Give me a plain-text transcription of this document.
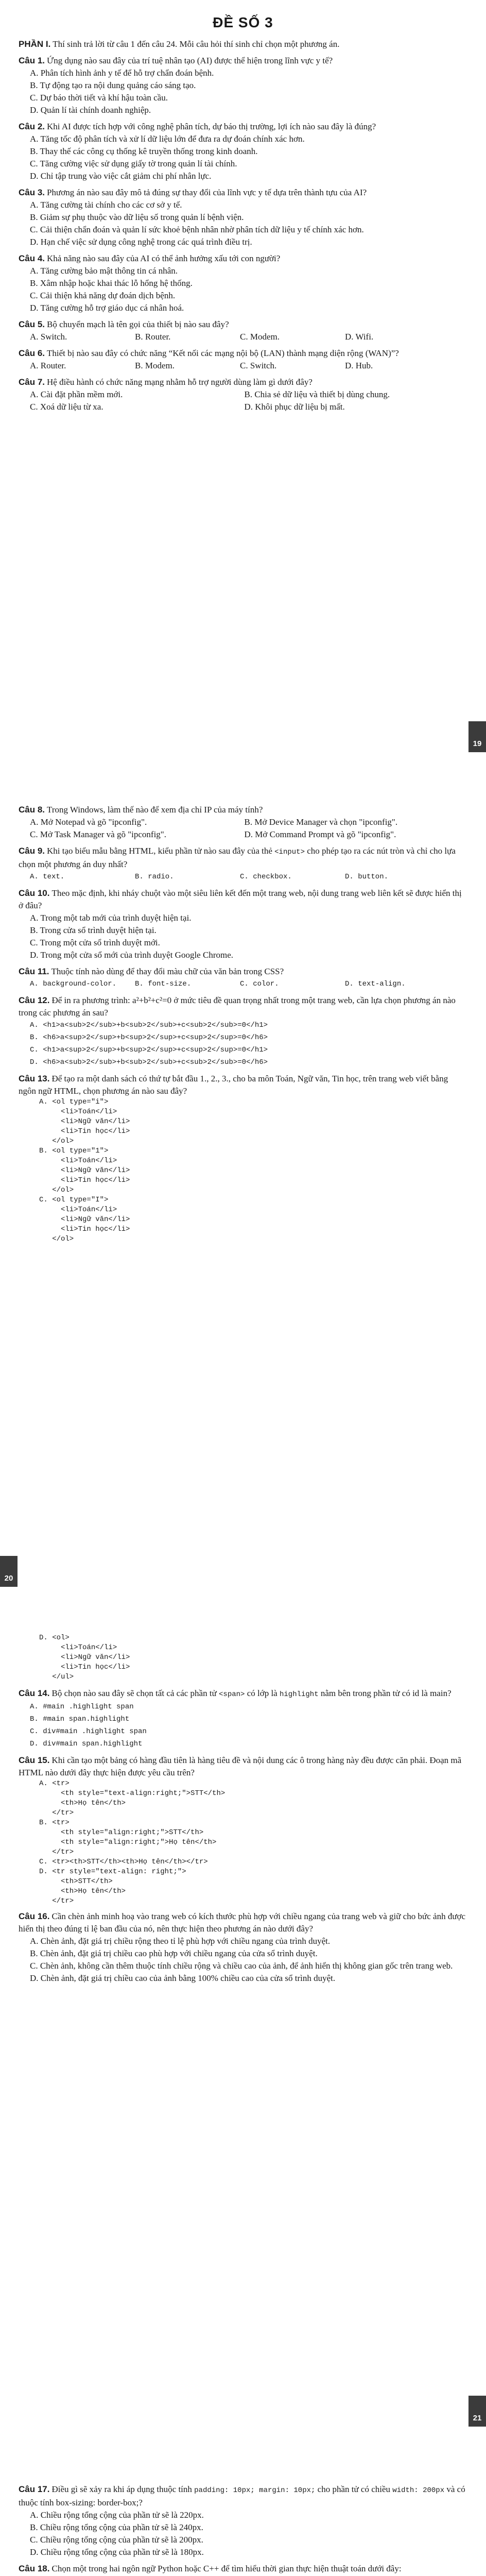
19
ĐỀ SỐ 3
PHẦN I. Thí sinh trả lời từ câu 1 đến câu 24. Mỗi câu hỏi thí sinh chỉ chọn một phương án.
Câu 1. Ứng dụng nào sau đây của trí tuệ nhân tạo (AI) được thể hiện trong lĩnh vực y tế?
A. Phân tích hình ảnh y tế để hỗ trợ chẩn đoán bệnh.
B. Tự động tạo ra nội dung quảng cáo sáng tạo.
C. Dự báo thời tiết và khí hậu toàn cầu.
D. Quản lí tài chính doanh nghiệp.
Câu 2. Khi AI được tích hợp với công nghệ phân tích, dự báo thị trường, lợi ích nào sau đây là đúng?
A. Tăng tốc độ phân tích và xử lí dữ liệu lớn để đưa ra dự đoán chính xác hơn.
B. Thay thế các công cụ thống kê truyền thống trong kinh doanh.
C. Tăng cường việc sử dụng giấy tờ trong quản lí tài chính.
D. Chỉ tập trung vào việc cắt giảm chi phí nhân lực.
Câu 3. Phương án nào sau đây mô tả đúng sự thay đổi của lĩnh vực y tế dựa trên thành tựu của AI?
A. Tăng cường tài chính cho các cơ sở y tế.
B. Giảm sự phụ thuộc vào dữ liệu số trong quản lí bệnh viện.
C. Cải thiện chẩn đoán và quản lí sức khoẻ bệnh nhân nhờ phân tích dữ liệu y tế chính xác hơn.
D. Hạn chế việc sử dụng công nghệ trong các quá trình điều trị.
Câu 4. Khả năng nào sau đây của AI có thể ảnh hưởng xấu tới con người?
A. Tăng cường bảo mật thông tin cá nhân.
B. Xâm nhập hoặc khai thác lỗ hổng hệ thống.
C. Cải thiện khả năng dự đoán dịch bệnh.
D. Tăng cường hỗ trợ giáo dục cá nhân hoá.
Câu 5. Bộ chuyển mạch là tên gọi của thiết bị nào sau đây?
A. Switch.	B. Router.	C. Modem.	D. Wifi.
Câu 6. Thiết bị nào sau đây có chức năng “Kết nối các mạng nội bộ (LAN) thành mạng diện rộng (WAN)”?
A. Router.	B. Modem.	C. Switch.	D. Hub.
Câu 7. Hệ điều hành có chức năng mạng nhằm hỗ trợ người dùng làm gì dưới đây?
A. Cài đặt phần mềm mới.	B. Chia sẻ dữ liệu và thiết bị dùng chung.C. Xoá dữ liệu từ xa.	D. Khôi phục dữ liệu bị mất.
20
Câu 8. Trong Windows, làm thế nào để xem địa chỉ IP của máy tính?
A. Mở Notepad và gõ "ipconfig".	B. Mở Device Manager và chọn "ipconfig".C. Mở Task Manager và gõ "ipconfig".	D. Mở Command Prompt và gõ "ipconfig".
Câu 9. Khi tạo biểu mẫu bằng HTML, kiểu phần tử nào sau đây của thẻ <input> cho phép tạo ra các nút tròn và chỉ cho lựa chọn một phương án duy nhất?
A. text.	B. radio.	C. checkbox.	D. button.
Câu 10. Theo mặc định, khi nháy chuột vào một siêu liên kết đến một trang web, nội dung trang web liên kết sẽ được hiển thị ở đâu?
A. Trong một tab mới của trình duyệt hiện tại.
B. Trong cửa sổ trình duyệt hiện tại.
C. Trong một cửa sổ trình duyệt mới.
D. Trong một cửa sổ mới của trình duyệt Google Chrome.
Câu 11. Thuộc tính nào dùng để thay đổi màu chữ của văn bản trong CSS?
A. background-color.	B. font-size.	C. color.	D. text-align.
Câu 12. Để in ra phương trình: a²+b²+c²=0 ở mức tiêu đề quan trọng nhất trong một trang web, cần lựa chọn phương án nào trong các phương án sau?
A. <h1>a<sub>2</sub>+b<sub>2</sub>+c<sub>2</sub>=0</h1>
B. <h6>a<sup>2</sup>+b<sup>2</sup>+c<sup>2</sup>=0</h6>
C. <h1>a<sup>2</sup>+b<sup>2</sup>+c<sup>2</sup>=0</h1>
D. <h6>a<sub>2</sub>+b<sub>2</sub>+c<sub>2</sub>=0</h6>
Câu 13. Để tạo ra một danh sách có thứ tự bắt đầu 1., 2., 3., cho ba môn Toán, Ngữ văn, Tin học, trên trang web viết bằng ngôn ngữ HTML, chọn phương án nào sau đây?
A. <ol type="i">
<li>Toán</li>
<li>Ngữ văn</li>
<li>Tin học</li>
</ol>
B. <ol type="1">
<li>Toán</li>
<li>Ngữ văn</li>
<li>Tin học</li>
</ol>
C. <ol type="I">
<li>Toán</li>
<li>Ngữ văn</li>
<li>Tin học</li>
</ol>
21
D. <ol>
<li>Toán</li>
<li>Ngữ văn</li>
<li>Tin học</li>
</ul>
Câu 14. Bộ chọn nào sau đây sẽ chọn tất cả các phần tử <span> có lớp là highlight nằm bên trong phần tử có id là main?
A. #main .highlight span
B. #main span.highlight
C. div#main .highlight span
D. div#main span.highlight
Câu 15. Khi cần tạo một bảng có hàng đầu tiên là hàng tiêu đề và nội dung các ô trong hàng này đều được căn phải. Đoạn mã HTML nào dưới đây thực hiện được yêu cầu trên?
A. <tr>
<th style="text-align:right;">STT</th>
<th>Họ tên</th>
</tr>
B. <tr>
<th style="align:right;">STT</th>
<th style="align:right;">Họ tên</th>
</tr>
C. <tr><th>STT</th><th>Họ tên</th></tr>
D. <tr style="text-align: right;">
<th>STT</th>
<th>Họ tên</th>
</tr>
Câu 16. Cần chèn ảnh minh hoạ vào trang web có kích thước phù hợp với chiều ngang của trang web và giữ cho bức ảnh được hiển thị theo đúng tỉ lệ ban đầu của nó, nên thực hiện theo phương án nào dưới đây?
A. Chèn ảnh, đặt giá trị chiều rộng theo tỉ lệ phù hợp với chiều ngang của trình duyệt.
B. Chèn ảnh, đặt giá trị chiều cao phù hợp với chiều ngang của cửa sổ trình duyệt.
C. Chèn ảnh, không cần thêm thuộc tính chiều rộng và chiều cao của ảnh, để ảnh hiển thị không gian gốc trên trang web.
D. Chèn ảnh, đặt giá trị chiều cao của ảnh bằng 100% chiều cao của cửa sổ trình duyệt.
Câu 17. Điều gì sẽ xảy ra khi áp dụng thuộc tính padding: 10px; margin: 10px; cho phần tử có chiều width: 200px và có thuộc tính box-sizing: border-box;?
A. Chiều rộng tổng cộng của phần tử sẽ là 220px.
B. Chiều rộng tổng cộng của phần tử sẽ là 240px.
C. Chiều rộng tổng cộng của phần tử sẽ là 200px.
D. Chiều rộng tổng cộng của phần tử sẽ là 180px.
Câu 18. Chọn một trong hai ngôn ngữ Python hoặc C++ để tìm hiểu thời gian thực hiện thuật toán dưới đây:
